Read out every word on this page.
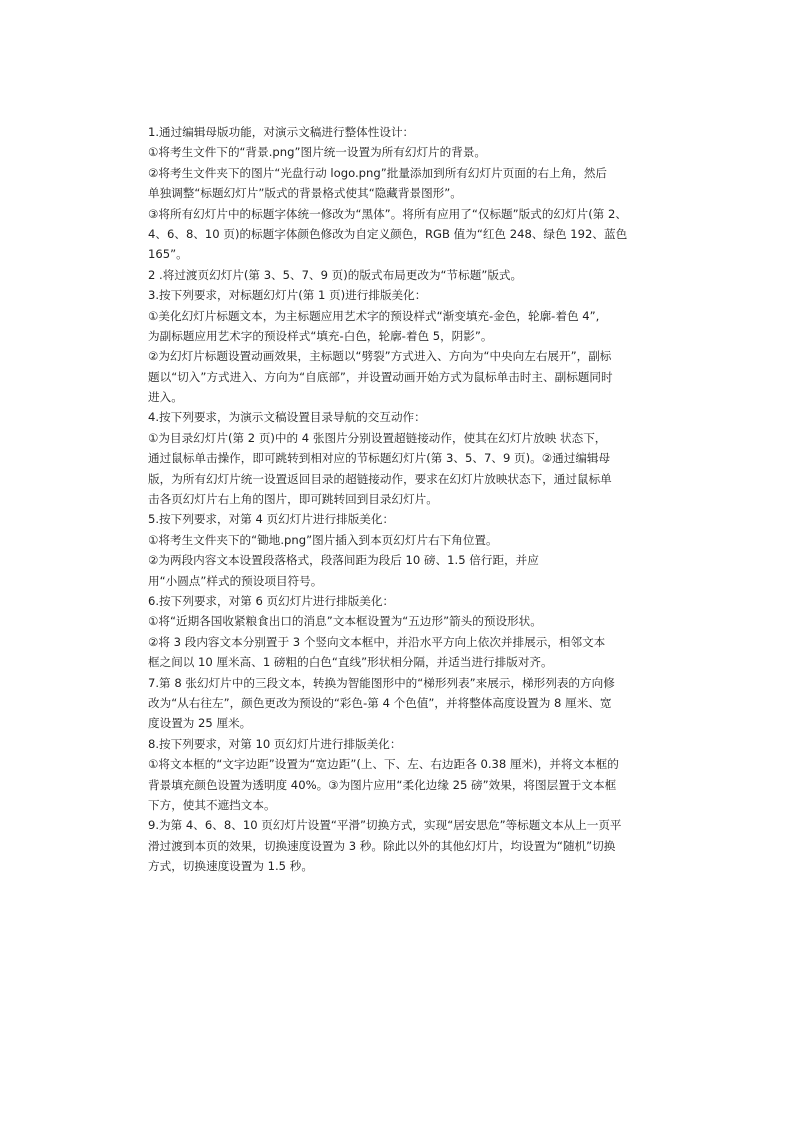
1.通过编辑母版功能，对演示文稿进行整体性设计：
①将考生文件下的“背景.png”图片统一设置为所有幻灯片的背景。
②将考生文件夹下的图片“光盘行动 logo.png”批量添加到所有幻灯片页面的右上角，然后
单独调整“标题幻灯片”版式的背景格式使其“隐藏背景图形”。
③将所有幻灯片中的标题字体统一修改为“黑体”。将所有应用了“仅标题”版式的幻灯片(第 2、
4、6、8、10 页)的标题字体颜色修改为自定义颜色，RGB 值为“红色 248、绿色 192、蓝色
165”。
2 .将过渡页幻灯片(第 3、5、7、9 页)的版式布局更改为“节标题”版式。
3.按下列要求，对标题幻灯片(第 1 页)进行排版美化：
①美化幻灯片标题文本，为主标题应用艺术字的预设样式“渐变填充-金色，轮廓-着色 4”,
为副标题应用艺术字的预设样式“填充-白色，轮廓-着色 5，阴影”。
②为幻灯片标题设置动画效果，主标题以“劈裂”方式进入、方向为“中央向左右展开”，副标
题以“切入”方式进入、方向为“自底部”，并设置动画开始方式为鼠标单击时主、副标题同时
进入。
4.按下列要求，为演示文稿设置目录导航的交互动作：
①为目录幻灯片(第 2 页)中的 4 张图片分别设置超链接动作，使其在幻灯片放映 状态下，
通过鼠标单击操作，即可跳转到相对应的节标题幻灯片(第 3、5、7、9 页)。②通过编辑母
版，为所有幻灯片统一设置返回目录的超链接动作，要求在幻灯片放映状态下，通过鼠标单
击各页幻灯片右上角的图片，即可跳转回到目录幻灯片。
5.按下列要求，对第 4 页幻灯片进行排版美化：
①将考生文件夹下的“锄地.png”图片插入到本页幻灯片右下角位置。
②为两段内容文本设置段落格式，段落间距为段后 10 磅、1.5 倍行距，并应
用“小圆点”样式的预设项目符号。
6.按下列要求，对第 6 页幻灯片进行排版美化：
①将“近期各国收紧粮食出口的消息”文本框设置为“五边形”箭头的预设形状。
②将 3 段内容文本分别置于 3 个竖向文本框中，并沿水平方向上依次并排展示，相邻文本
框之间以 10 厘米高、1 磅粗的白色“直线”形状相分隔，并适当进行排版对齐。
7.第 8 张幻灯片中的三段文本，转换为智能图形中的“梯形列表”来展示，梯形列表的方向修
改为“从右往左”，颜色更改为预设的“彩色-第 4 个色值”，并将整体高度设置为 8 厘米、宽
度设置为 25 厘米。
8.按下列要求，对第 10 页幻灯片进行排版美化：
①将文本框的“文字边距”设置为“宽边距”(上、下、左、右边距各 0.38 厘米)，并将文本框的
背景填充颜色设置为透明度 40%。③为图片应用“柔化边缘 25 磅”效果，将图层置于文本框
下方，使其不遮挡文本。
9.为第 4、6、8、10 页幻灯片设置“平滑”切换方式，实现“居安思危”等标题文本从上一页平
滑过渡到本页的效果，切换速度设置为 3 秒。除此以外的其他幻灯片，均设置为“随机”切换
方式，切换速度设置为 1.5 秒。
